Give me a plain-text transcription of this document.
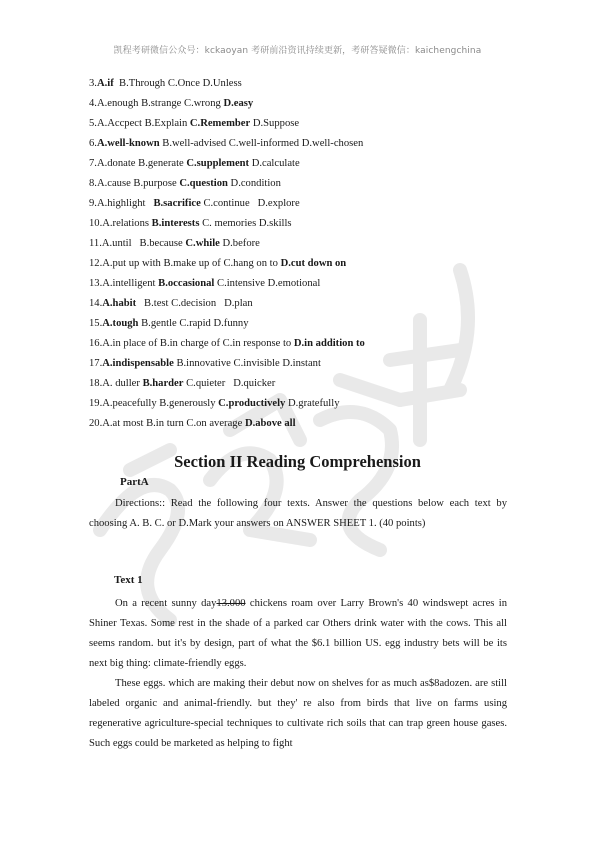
凯程考研微信公众号：kckaoyan 考研前沿资讯持续更新，考研答疑微信：kaichengchina
3.A.if  B.Through C.Once D.Unless
4.A.enough B.strange C.wrong D.easy
5.A.Accpect B.Explain C.Remember D.Suppose
6.A.well-known B.well-advised C.well-informed D.well-chosen
7.A.donate B.generate C.supplement D.calculate
8.A.cause B.purpose C.question D.condition
9.A.highlight   B.sacrifice C.continue   D.explore
10.A.relations B.interests C. memories D.skills
11.A.until   B.because C.while D.before
12.A.put up with B.make up of C.hang on to D.cut down on
13.A.intelligent B.occasional C.intensive D.emotional
14.A.habit   B.test C.decision   D.plan
15.A.tough B.gentle C.rapid D.funny
16.A.in place of B.in charge of C.in response to D.in addition to
17.A.indispensable B.innovative C.invisible D.instant
18.A. duller B.harder C.quieter   D.quicker
19.A.peacefully B.generously C.productively D.gratefully
20.A.at most B.in turn C.on average D.above all
Section II Reading Comprehension
PartA
Directions:: Read the following four texts. Answer the questions below each text by choosing A. B. C. or D.Mark your answers on ANSWER SHEET 1. (40 points)
Text 1
On a recent sunny day13.000 chickens roam over Larry Brown's 40 windswept acres in Shiner Texas. Some rest in the shade of a parked car Others drink water with the cows. This all seems random. but it's by design, part of what the $6.1 billion US. egg industry bets will be its next big thing: climate-friendly eggs.
These eggs. which are making their debut now on shelves for as much as$8adozen. are still labeled organic and animal-friendly. but they' re also from birds that live on farms using regenerative agriculture-special techniques to cultivate rich soils that can trap green house gases. Such eggs could be marketed as helping to fight
